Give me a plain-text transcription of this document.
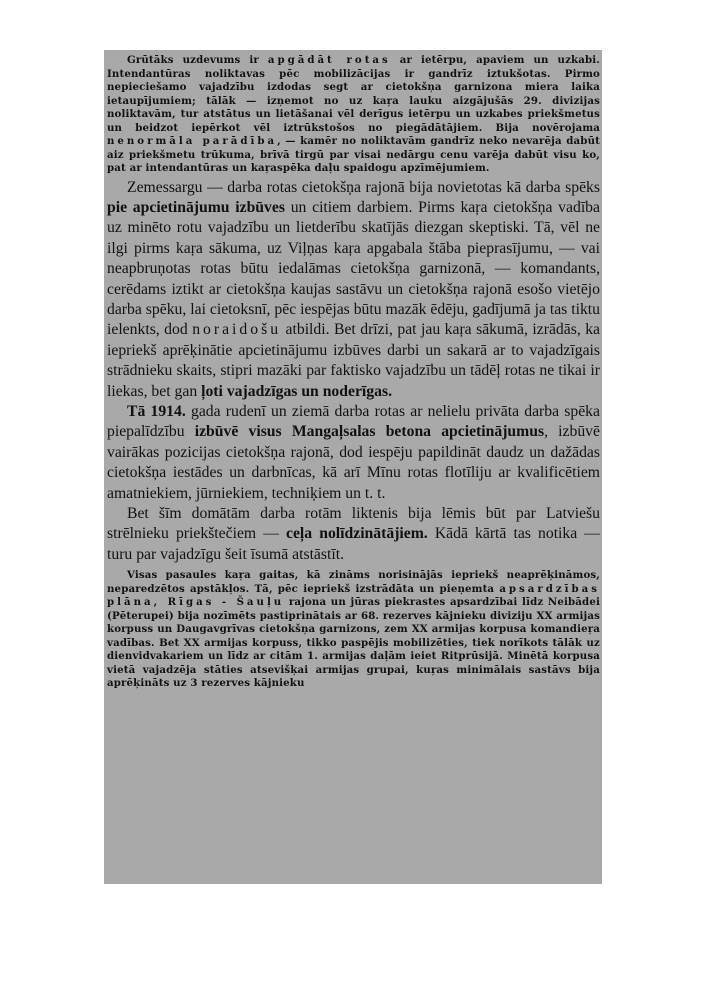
Grūtāks uzdevums ir apgādāt rotas ar ietērpu, apaviem un uzkabi. Intendantūras noliktavas pēc mobilizācijas ir gandrīz iztukšotas. Pirmo nepieciešamo vajadzību izdodas segt ar cietokšņa garnizona miera laika ietaupījumiem; tālāk — izņemot no uz kaŗa lauku aizgājušās 29. divizijas noliktavām, tur atstātus un lietāšanai vēl derīgus ietērpu un uzkabes priekšmetus un beidzot iepērkot vēl iztrūkstošos no piegādātājiem. Bija novērojama nenormāla parādība, — kamēr no noliktavām gandrīz neko nevarēja dabūt aiz priekšmetu trūkuma, brīvā tirgū par visai nedārgu cenu varēja dabūt visu ko, pat ar intendantūras un kaŗaspēka daļu spaidogu apzīmējumiem.

Zemessargu — darba rotas cietokšņa rajonā bija novietotas kā darba spēks pie apcietinājumu izbūves un citiem darbiem. Pirms kaŗa cietokšņa vadība uz minēto rotu vajadzību un lietderību skatījās diezgan skeptiski. Tā, vēl ne ilgi pirms kaŗa sākuma, uz Viļņas kaŗa apgabala štāba pieprasījumu, — vai neapbruņotas rotas būtu iedalāmas cietokšņa garnizonā, — komandants, cerēdams iztikt ar cietokšņa kaujas sastāvu un cietokšņa rajonā esošo vietējo darba spēku, lai cietoksnī, pēc iespējas būtu mazāk ēdēju, gadījumā ja tas tiktu ielenkts, dod noraidošu atbildi. Bet drīzi, pat jau kaŗa sākumā, izrādās, ka iepriekš aprēķinātie apcietinājumu izbūves darbi un sakarā ar to vajadzīgais strādnieku skaits, stipri mazāki par faktisko vajadzību un tādēļ rotas ne tikai ir liekas, bet gan ļoti vajadzīgas un noderīgas.

Tā 1914. gada rudenī un ziemā darba rotas ar nelielu privāta darba spēka piepalīdzību izbūvē visus Mangaļsalas betona apcietinājumus, izbūvē vairākas pozicijas cietokšņa rajonā, dod iespēju papildināt daudz un dažādas cietokšņa iestādes un darbnīcas, kā arī Mīnu rotas flotīliju ar kvalificētiem amatniekiem, jūrniekiem, techniķiem un t. t.

Bet šīm domātām darba rotām liktenis bija lēmis būt par Latviešu strēlnieku priekštečiem — ceļa nolīdzinātājiem. Kādā kārtā tas notika — turu par vajadzīgu šeit īsumā atstāstīt.

Visas pasaules kaŗa gaitas, kā zināms norisinājās iepriekš neaprēķināmos, neparedzētos apstākļos. Tā, pēc iepriekš izstrādāta un pieņemta apsardzības plāna, Rīgas - Šauļu rajona un jūras piekrastes apsardzībai līdz Neibādei (Pēterupei) bija nozīmēts pastiprinātais ar 68. rezerves kājnieku diviziju XX armijas korpuss un Daugavgrīvas cietokšņa garnizons, zem XX armijas korpusa komandieŗa vadības. Bet XX armijas korpuss, tikko paspējis mobilizēties, tiek norīkots tālāk uz dienvidvakariem un līdz ar citām 1. armijas daļām ieiet Ritprūsijā. Minētā korpusa vietā vajadzēja stāties atsevišķai armijas grupai, kuŗas minimālais sastāvs bija aprēķināts uz 3 rezerves kājnieku
